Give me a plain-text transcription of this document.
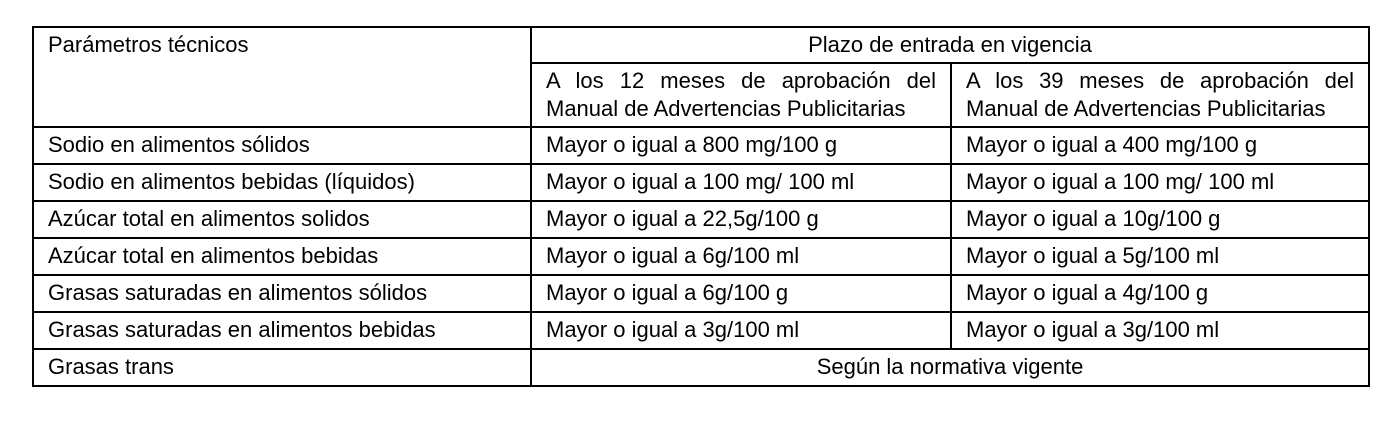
Parámetros técnicos	Plazo de entrada en vigencia	
	A los 12 meses de aprobación del Manual de Advertencias Publicitarias	A los 39 meses de aprobación del Manual de Advertencias Publicitarias
Sodio en alimentos sólidos	Mayor o igual a 800 mg/100 g	Mayor o igual a 400 mg/100 g
Sodio en alimentos bebidas (líquidos)	Mayor o igual a 100 mg/ 100 ml	Mayor o igual a 100 mg/ 100 ml
Azúcar total en alimentos solidos	Mayor o igual a 22,5g/100 g	Mayor o igual a 10g/100 g
Azúcar total en alimentos bebidas	Mayor o igual a 6g/100 ml	Mayor o igual a 5g/100 ml
Grasas saturadas en alimentos sólidos	Mayor o igual a 6g/100 g	Mayor o igual a 4g/100 g
Grasas saturadas en alimentos bebidas	Mayor o igual a 3g/100 ml	Mayor o igual a 3g/100 ml
Grasas trans	Según la normativa vigente	
